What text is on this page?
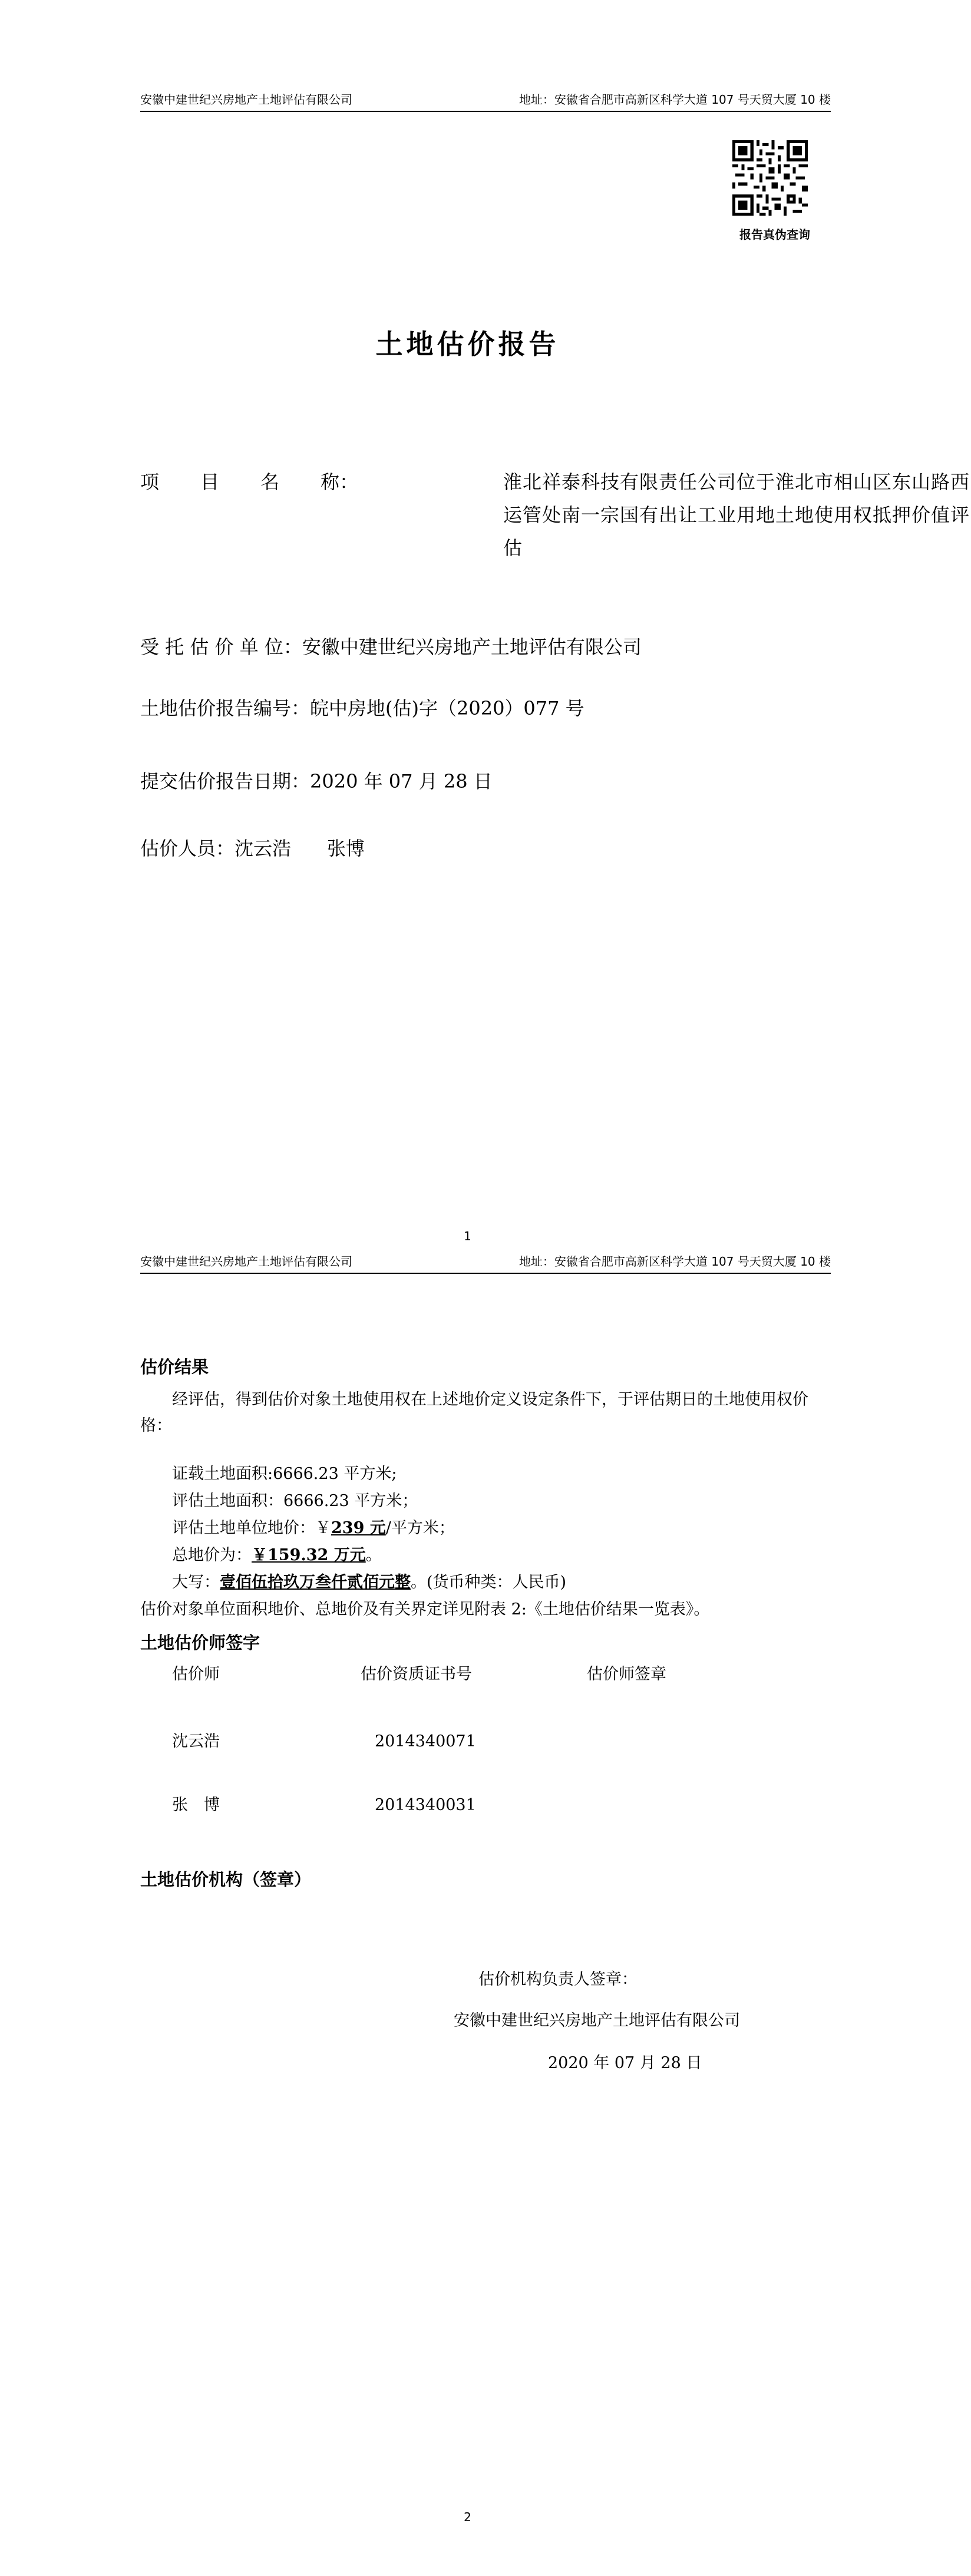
安徽中建世纪兴房地产土地评估有限公司	地址：安徽省合肥市高新区科学大道 107 号天贸大厦 10 楼
报告真伪查询
土地估价报告
项 目 名 称：	淮北祥泰科技有限责任公司位于淮北市相山区东山路西运管处南一宗国有出让工业用地土地使用权抵押价值评估
受 托 估 价 单 位：安徽中建世纪兴房地产土地评估有限公司
土地估价报告编号：皖中房地(估)字（2020）077 号
提交估价报告日期：2020 年 07 月 28 日
估价人员：沈云浩      张博
1
安徽中建世纪兴房地产土地评估有限公司	地址：安徽省合肥市高新区科学大道 107 号天贸大厦 10 楼
估价结果
经评估，得到估价对象土地使用权在上述地价定义设定条件下，于评估期日的土地使用权价格：
证载土地面积:6666.23 平方米;
评估土地面积：6666.23 平方米；
评估土地单位地价：￥239 元/平方米；
总地价为：￥159.32 万元。
大写：壹佰伍拾玖万叁仟贰佰元整。(货币种类：人民币)
估价对象单位面积地价、总地价及有关界定详见附表 2:《土地估价结果一览表》。
土地估价师签字
估价师	估价资质证书号	估价师签章
沈云浩	2014340071
张　博	2014340031
土地估价机构（签章）
估价机构负责人签章：
安徽中建世纪兴房地产土地评估有限公司
2020 年 07 月 28 日
2
